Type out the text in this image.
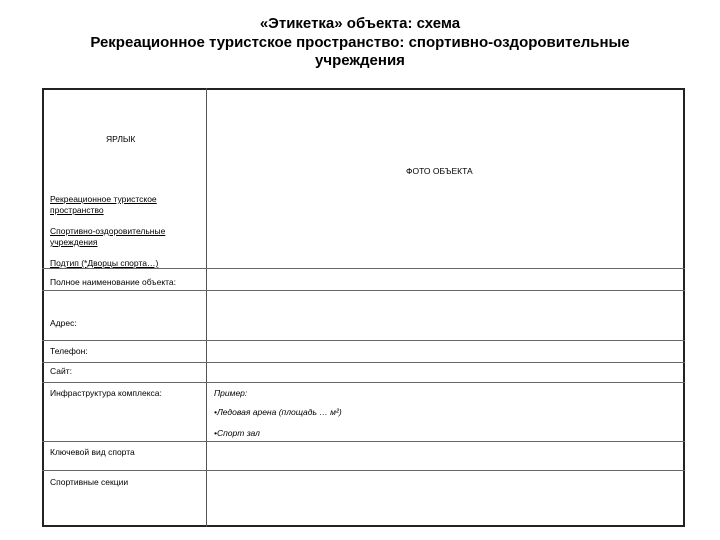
«Этикетка» объекта: схема
Рекреационное туристское пространство: спортивно-оздоровительные учреждения
ЯРЛЫК
Рекреационное туристское пространство
Спортивно-оздоровительные учреждения
Подтип (*Дворцы спорта…)
ФОТО ОБЪЕКТА
Полное наименование объекта:
Адрес:
Телефон:
Сайт:
Инфраструктура комплекса:
Ключевой вид спорта
Спортивные секции
Пример:
•Ледовая арена (площадь … м²)
•Спорт зал
